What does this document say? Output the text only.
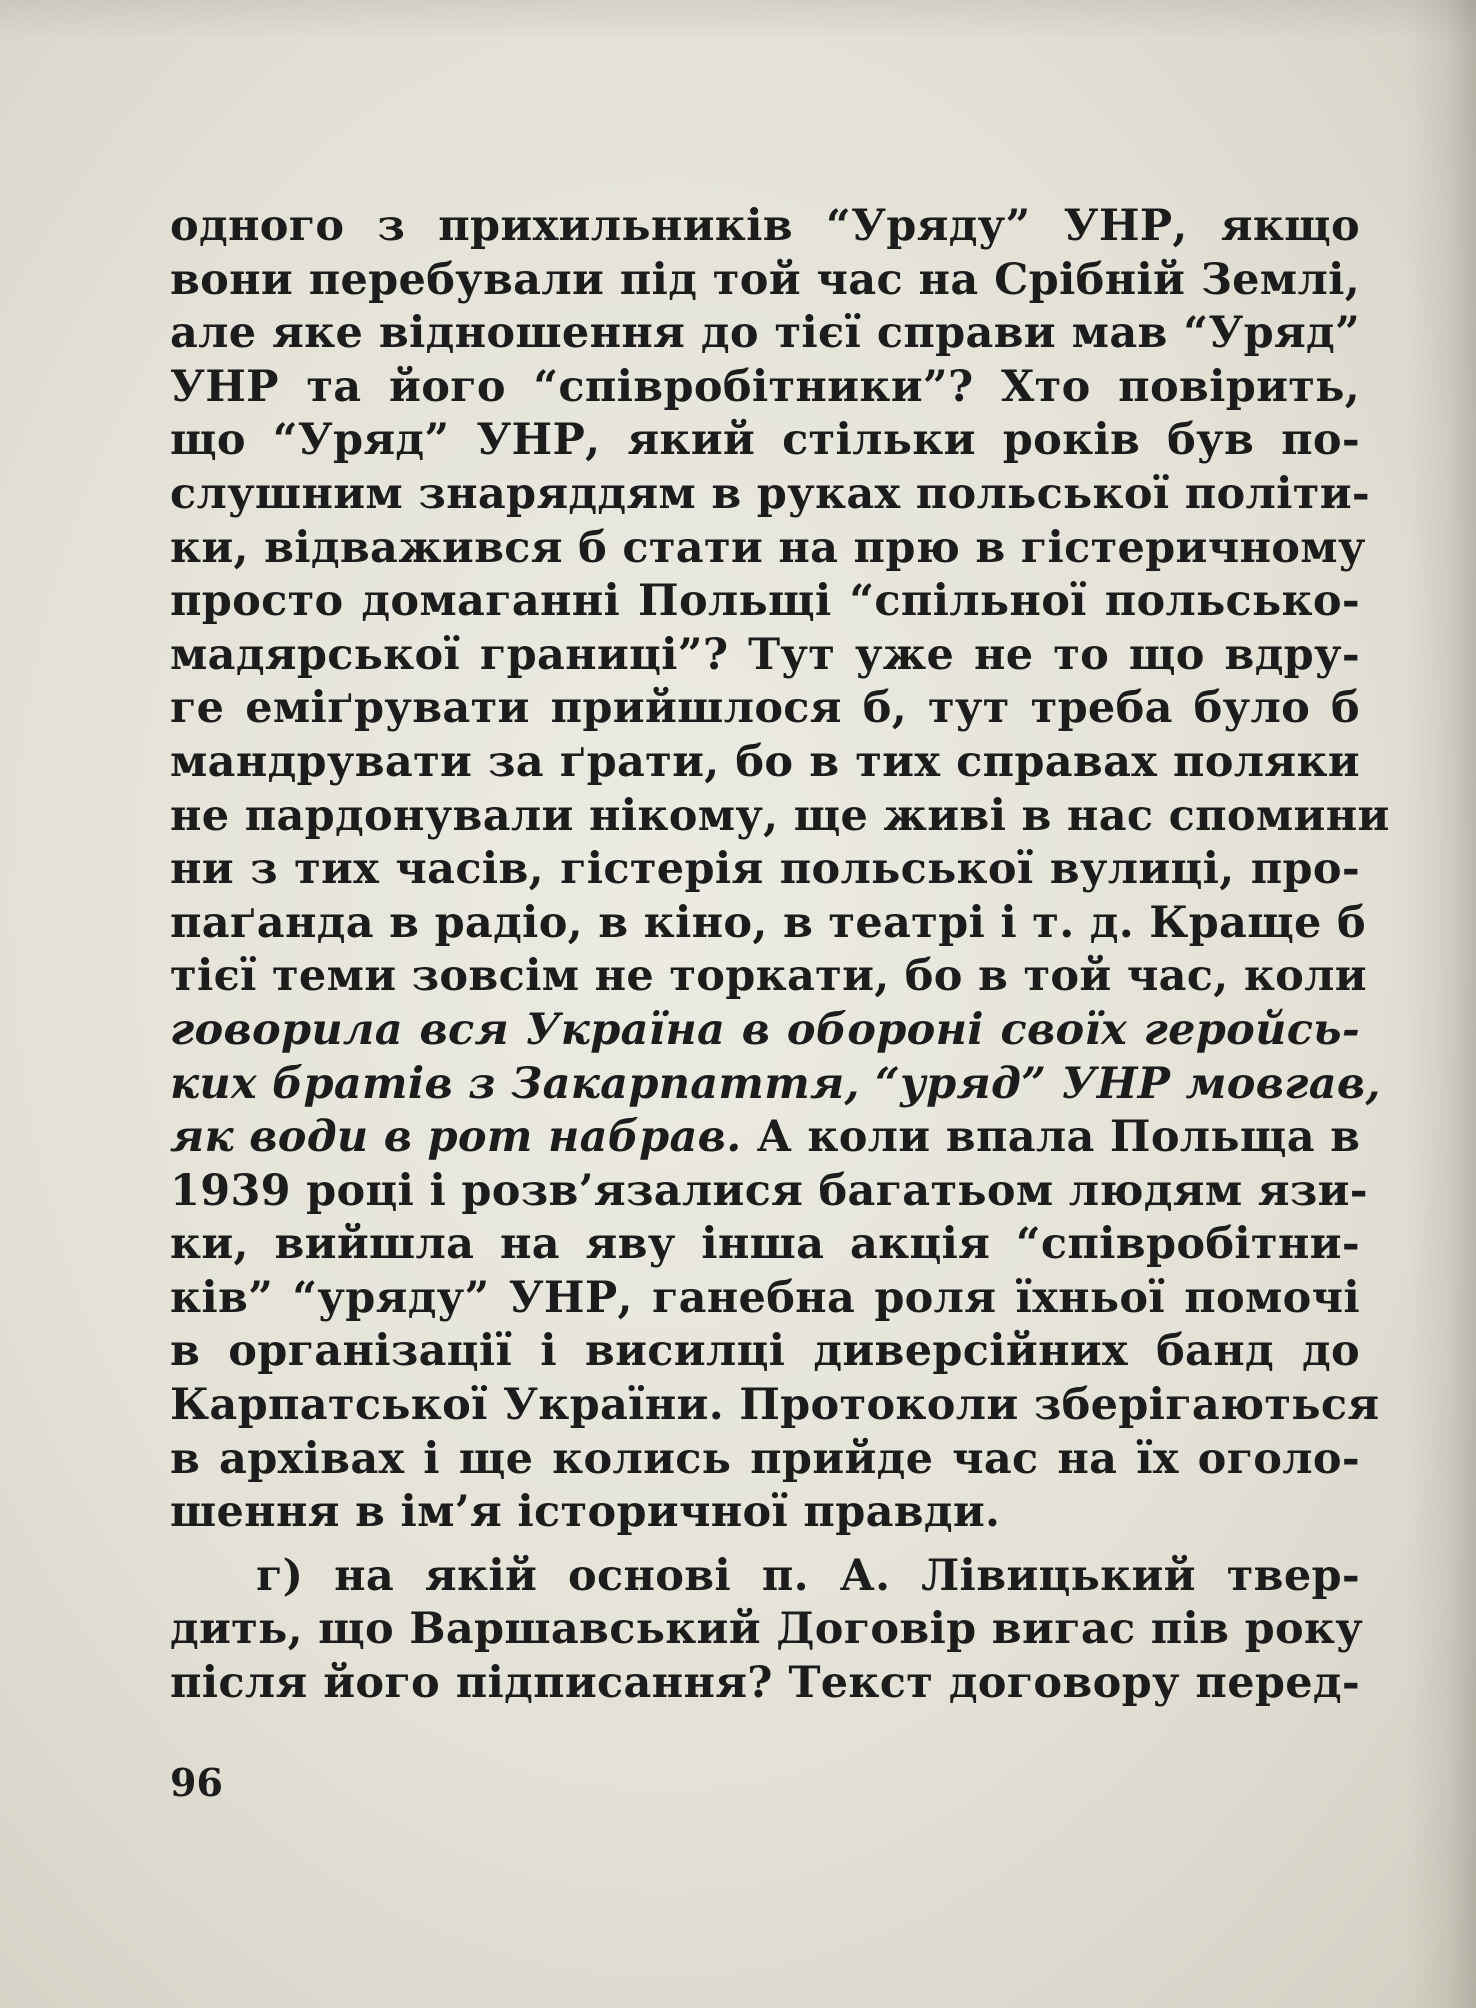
одного з прихильників “Уряду” УНР, якщо
вони перебували під той час на Срібній Землі,
але яке відношення до тієї справи мав “Уряд”
УНР та його “співробітники”? Хто повірить,
що “Уряд” УНР, який стільки років був по-
слушним знаряддям в руках польської політи-
ки, відважився б стати на прю в гістеричному
просто домаганні Польщі “спільної польсько-
мадярської границі”? Тут уже не то що вдру-
ге еміґрувати прийшлося б, тут треба було б
мандрувати за ґрати, бо в тих справах поляки
не пардонували нікому, ще живі в нас спомини
ни з тих часів, гістерія польської вулиці, про-
паґанда в радіо, в кіно, в театрі і т. д. Краще б
тієї теми зовсім не торкати, бо в той час, коли
говорила вся Україна в обороні своїх геройсь-
ких братів з Закарпаття, “уряд” УНР мовгав,
як води в рот набрав. А коли впала Польща в
1939 році і розв’язалися багатьом людям язи-
ки, вийшла на яву інша акція “співробітни-
ків” “уряду” УНР, ганебна роля їхньої помочі
в організації і висилці диверсійних банд до
Карпатської України. Протоколи зберігаються
в архівах і ще колись прийде час на їх оголо-
шення в ім’я історичної правди.
г) на якій основі п. А. Лівицький твер-
дить, що Варшавський Договір вигас пів року
після його підписання? Текст договору перед-
96
